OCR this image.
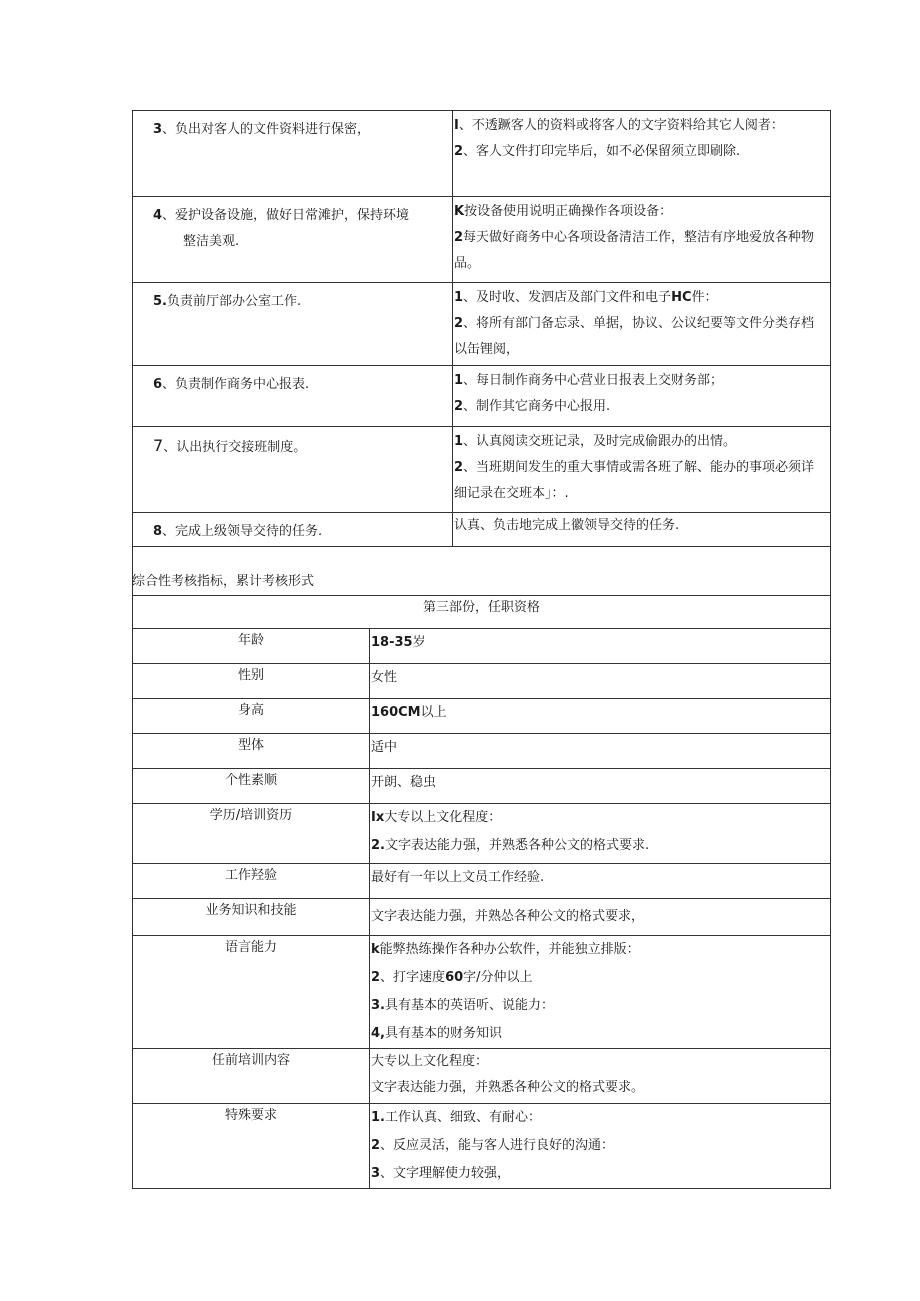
3、负出对客人的文件资料进行保密，	I、不透蹶客人的资料或将客人的文字资料给其它人阅者：
2、客人文件打印完毕后，如不必保留须立即刷除.

4、爱护设备设施，做好日常滩护，保持环境
整洁美观.	K按设备使用说明正确操作各项设备：
2每天做好商务中心各项设备清洁工作，整洁有序地爱放各种物品。

5.负责前厅部办公室工作.	1、及时收、发泗店及部门文件和电子HC件：
2、将所有部门备忘录、单据，协议、公议纪要等文件分类存档以缶锂阅，

6、负责制作商务中心报表.	1、每日制作商务中心营业日报表上交财务部；
2、制作其它商务中心报用.

7、认出执行交接班制度。	1、认真阅读交班记录，及时完成偷跟办的出情。
2、当班期间发生的重大事情或需各班了解、能办的事项必须详细记录在交班本」：.

8、完成上级领导交待的任务.	认真、负击地完成上徽领导交待的任务.

综合性考核指标，累计考核形式	
第三部份，任职资格	
年龄	18-35岁
性别	女性
身高	160CM以上
型体	适中
个性素顺	开朗、稳虫
学历/培训资历	Ix大专以上文化程度：
2.文字表达能力强，并熟悉各种公文的格式要求.

工作羟验	最好有一年以上文员工作经验.
业务知识和技能	文字表达能力强，并熟怂各种公文的格式要求，
语言能力	k能弊热练操作各种办公软件，并能独立排版：
2、打字速度60字/分仲以上
3.具有基本的英语听、说能力：
4,具有基本的财务知识

任前培训内容	大专以上文化程度：
文字表达能力强，并熟悉各种公文的格式要求。

特殊要求	1.工作认真、细致、有耐心：
2、反应灵活，能与客人进行良好的沟通：
3、文字理解使力较强，
